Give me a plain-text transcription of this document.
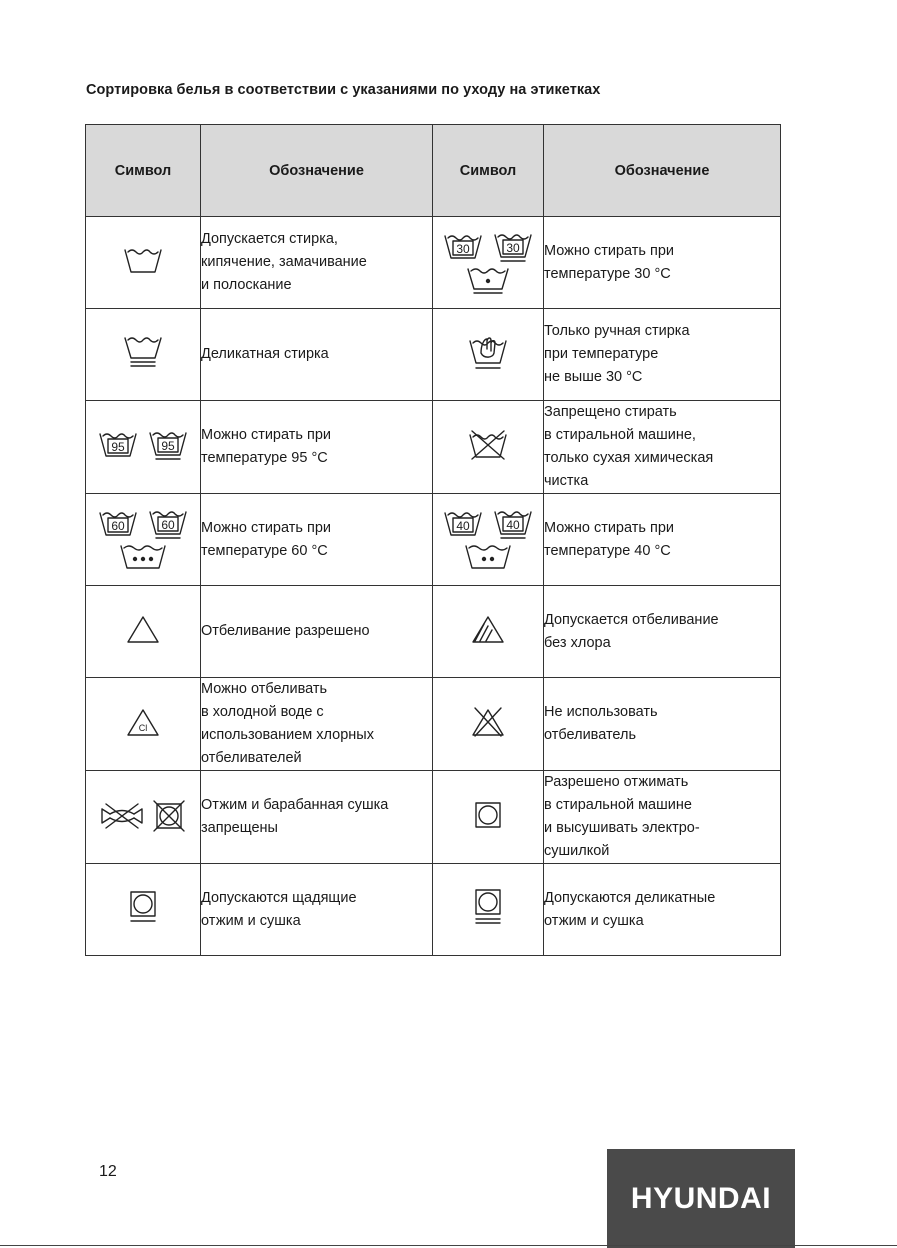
Сортировка белья в соответствии с указаниями по уходу на этикетках
Символ	Обозначение	Символ	Обозначение

	Допускается стирка,
кипячение, замачивание
и полоскание	30 30	Можно стирать при
температуре 30 °С

	Деликатная стирка		Только ручная стирка
при температуре
не выше 30 °С

95 95	Можно стирать при
температуре 95 °С		Запрещено стирать
в стиральной машине,
только сухая химическая
чистка

60 60	Можно стирать при
температуре 60 °С	40 40	Можно стирать при
температуре 40 °С

	Отбеливание разрешено		Допускается отбеливание
без хлора

Cl	Можно отбеливать
в холодной воде с
использованием хлорных
отбеливателей		Не использовать
отбеливатель

	Отжим и барабанная сушка
запрещены		Разрешено отжимать
в стиральной машине
и высушивать электро-
сушилкой

	Допускаются щадящие
отжим и сушка		Допускаются деликатные
отжим и сушка
12
HYUNDAI
